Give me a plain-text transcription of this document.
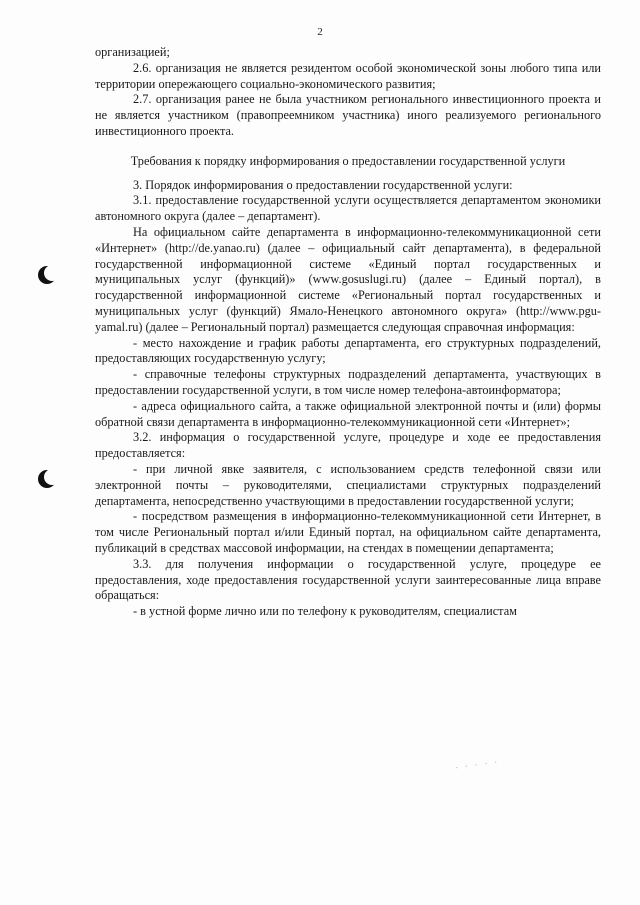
2

организацией;

2.6. организация не является резидентом особой экономической зоны любого типа или территории опережающего социально-экономического развития;

2.7. организация ранее не была участником регионального инвестиционного проекта и не является участником (правопреемником участника) иного реализуемого регионального инвестиционного проекта.

Требования к порядку информирования о предоставлении государственной услуги

3. Порядок информирования о предоставлении государственной услуги:

3.1. предоставление государственной услуги осуществляется департаментом экономики автономного округа (далее – департамент).

На официальном сайте департамента в информационно-телекоммуникационной сети «Интернет» (http://de.yanao.ru) (далее – официальный сайт департамента), в федеральной государственной информационной системе «Единый портал государственных и муниципальных услуг (функций)» (www.gosuslugi.ru) (далее – Единый портал), в государственной информационной системе «Региональный портал государственных и муниципальных услуг (функций) Ямало-Ненецкого автономного округа» (http://www.pgu-yamal.ru) (далее – Региональный портал) размещается следующая справочная информация:

- место нахождение и график работы департамента, его структурных подразделений, предоставляющих государственную услугу;

- справочные телефоны структурных подразделений департамента, участвующих в предоставлении государственной услуги, в том числе номер телефона-автоинформатора;

- адреса официального сайта, а также официальной электронной почты и (или) формы обратной связи департамента в информационно-телекоммуникационной сети «Интернет»;

3.2. информация о государственной услуге, процедуре и ходе ее предоставления предоставляется:

- при личной явке заявителя, с использованием средств телефонной связи или электронной почты – руководителями, специалистами структурных подразделений департамента, непосредственно участвующими в предоставлении государственной услуги;

- посредством размещения в информационно-телекоммуникационной сети Интернет, в том числе Региональный портал и/или Единый портал, на официальном сайте департамента, публикаций в средствах массовой информации, на стендах в помещении департамента;

3.3. для получения информации о государственной услуге, процедуре ее предоставления, ходе предоставления государственной услуги заинтересованные лица вправе обращаться:

- в устной форме лично или по телефону к руководителям, специалистам

· · · · ·
